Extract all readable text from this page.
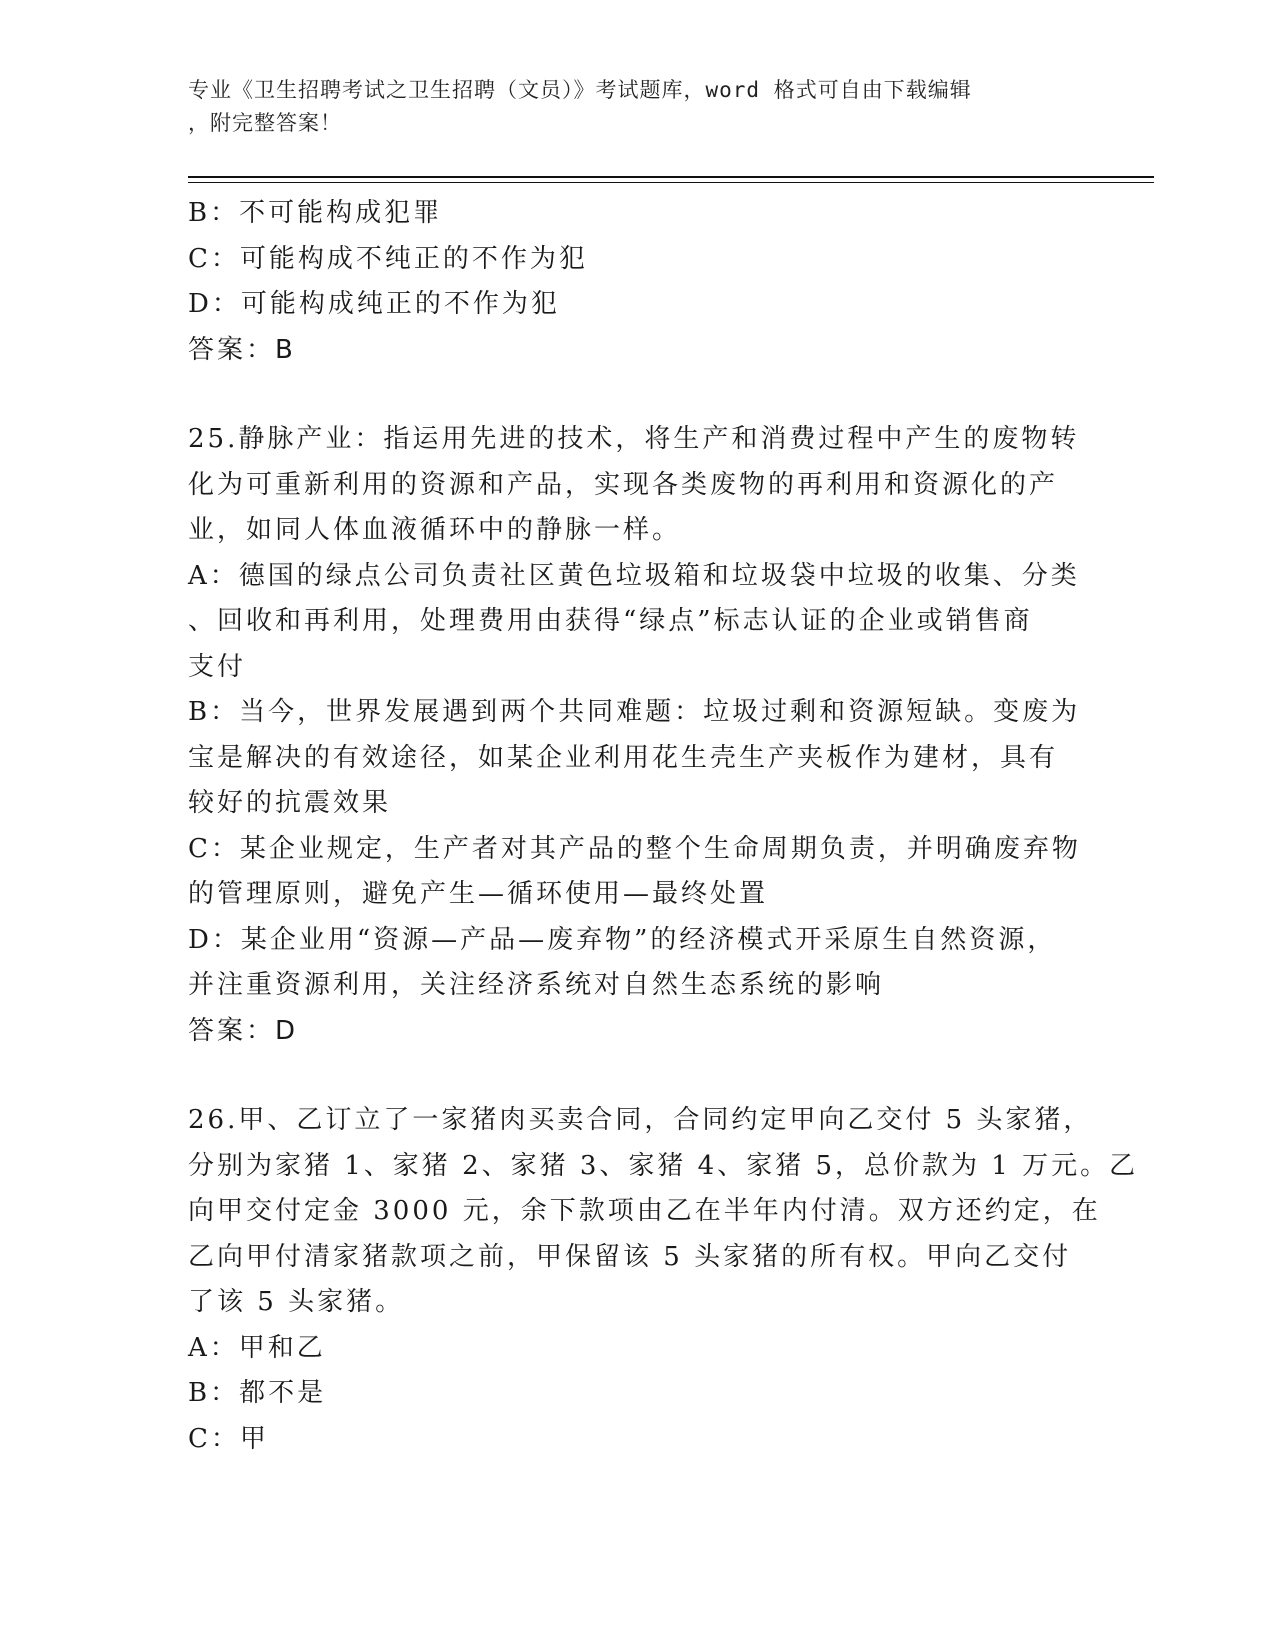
专业《卫生招聘考试之卫生招聘（文员）》考试题库，word 格式可自由下载编辑
，附完整答案！
B：不可能构成犯罪
C：可能构成不纯正的不作为犯
D：可能构成纯正的不作为犯
答案：B
25.静脉产业：指运用先进的技术，将生产和消费过程中产生的废物转
化为可重新利用的资源和产品，实现各类废物的再利用和资源化的产
业，如同人体血液循环中的静脉一样。
A：德国的绿点公司负责社区黄色垃圾箱和垃圾袋中垃圾的收集、分类
、回收和再利用，处理费用由获得“绿点”标志认证的企业或销售商
支付
B：当今，世界发展遇到两个共同难题：垃圾过剩和资源短缺。变废为
宝是解决的有效途径，如某企业利用花生壳生产夹板作为建材，具有
较好的抗震效果
C：某企业规定，生产者对其产品的整个生命周期负责，并明确废弃物
的管理原则，避免产生—循环使用—最终处置
D：某企业用“资源—产品—废弃物”的经济模式开采原生自然资源，
并注重资源利用，关注经济系统对自然生态系统的影响
答案：D
26.甲、乙订立了一家猪肉买卖合同，合同约定甲向乙交付 5 头家猪，
分别为家猪 1、家猪 2、家猪 3、家猪 4、家猪 5，总价款为 1 万元。乙
向甲交付定金 3000 元，余下款项由乙在半年内付清。双方还约定，在
乙向甲付清家猪款项之前，甲保留该 5 头家猪的所有权。甲向乙交付
了该 5 头家猪。
A：甲和乙
B：都不是
C：甲
